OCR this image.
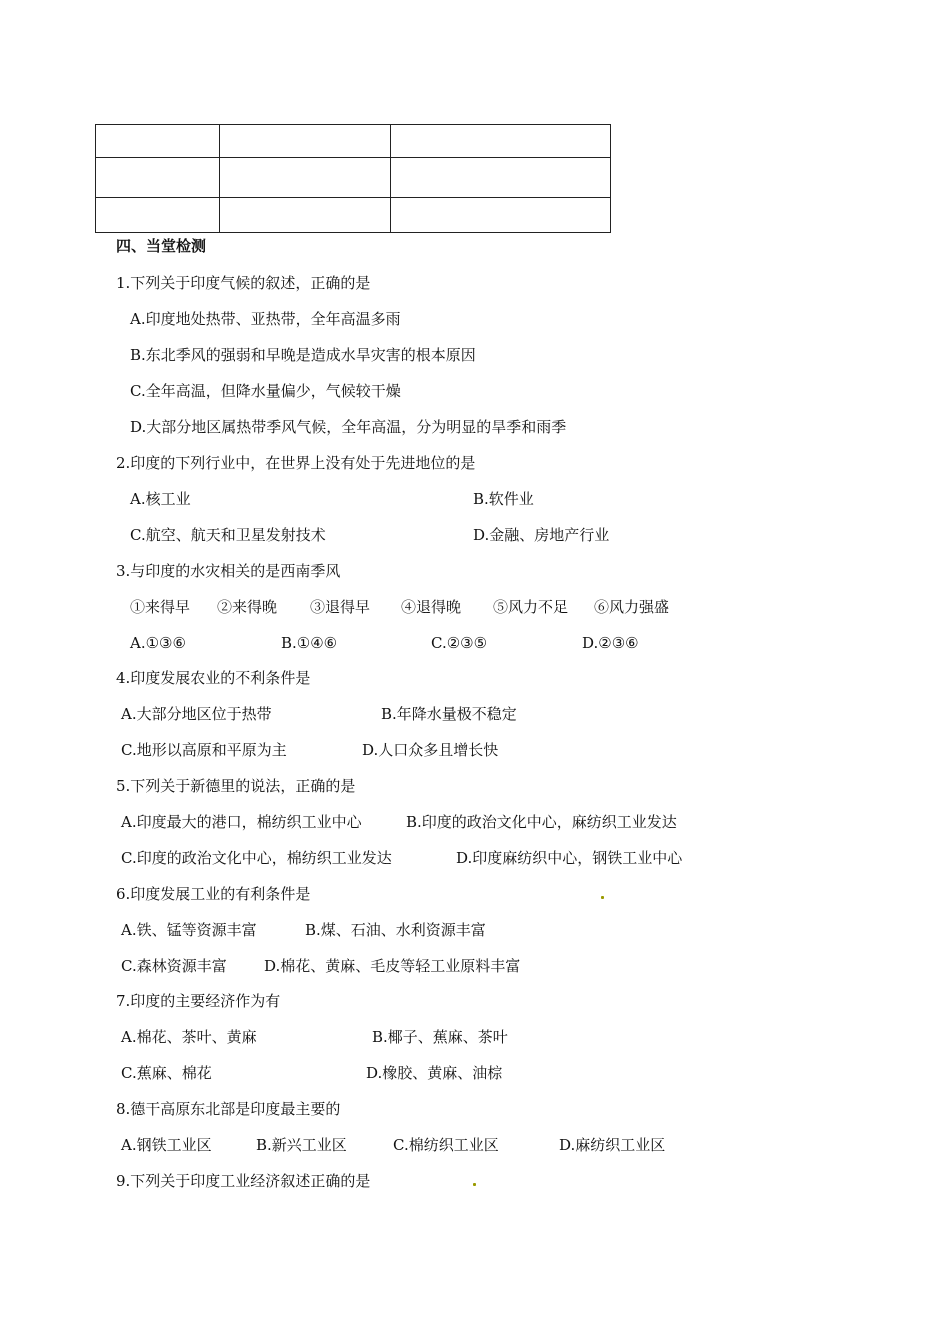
四、当堂检测
1.下列关于印度气候的叙述，正确的是
A.印度地处热带、亚热带，全年高温多雨
B.东北季风的强弱和早晚是造成水旱灾害的根本原因
C.全年高温，但降水量偏少，气候较干燥
D.大部分地区属热带季风气候，全年高温，分为明显的旱季和雨季
2.印度的下列行业中，在世界上没有处于先进地位的是
A.核工业	B.软件业
C.航空、航天和卫星发射技术	D.金融、房地产行业
3.与印度的水灾相关的是西南季风
①来得早 ②来得晚 ③退得早 ④退得晚 ⑤风力不足 ⑥风力强盛
A.①③⑥	B.①④⑥	C.②③⑤	D.②③⑥
4.印度发展农业的不利条件是
A.大部分地区位于热带	B.年降水量极不稳定
C.地形以高原和平原为主	D.人口众多且增长快
5.下列关于新德里的说法，正确的是
A.印度最大的港口，棉纺织工业中心	B.印度的政治文化中心，麻纺织工业发达
C.印度的政治文化中心，棉纺织工业发达	D.印度麻纺织中心，钢铁工业中心
6.印度发展工业的有利条件是
A.铁、锰等资源丰富	B.煤、石油、水利资源丰富
C.森林资源丰富 D.棉花、黄麻、毛皮等轻工业原料丰富
7.印度的主要经济作为有
A.棉花、茶叶、黄麻	B.椰子、蕉麻、茶叶
C.蕉麻、棉花	D.橡胶、黄麻、油棕
8.德干高原东北部是印度最主要的
A.钢铁工业区	B.新兴工业区	C.棉纺织工业区	D.麻纺织工业区
9.下列关于印度工业经济叙述正确的是
